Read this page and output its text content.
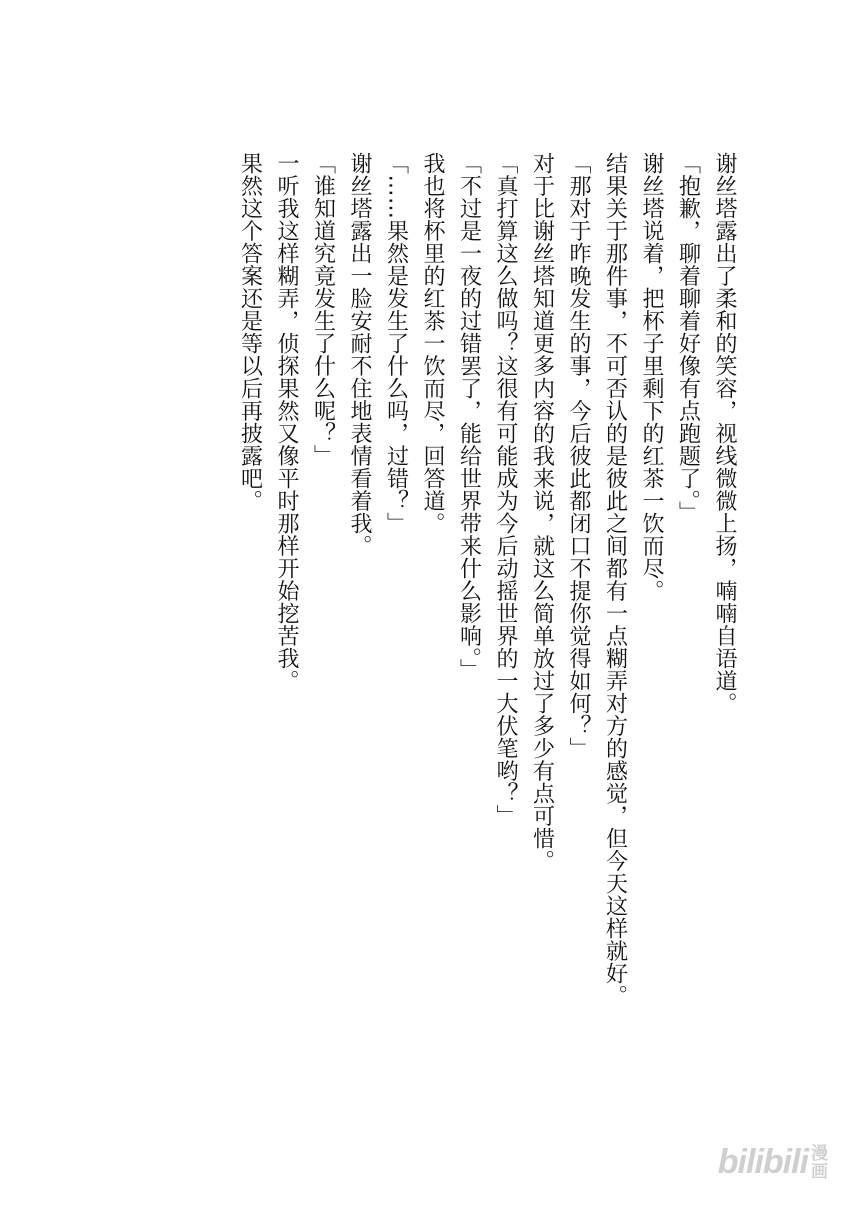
谢丝塔露出了柔和的笑容，视线微微上扬，喃喃自语道。

「抱歉，聊着聊着好像有点跑题了。」

谢丝塔说着，把杯子里剩下的红茶一饮而尽。

结果关于那件事，不可否认的是彼此之间都有一点糊弄对方的感觉，但今天这样就好。

「那对于昨晚发生的事，今后彼此都闭口不提你觉得如何？」

对于比谢丝塔知道更多内容的我来说，就这么简单放过了多少有点可惜。

「真打算这么做吗？这很有可能成为今后动摇世界的一大伏笔哟？」

「不过是一夜的过错罢了，能给世界带来什么影响。」

我也将杯里的红茶一饮而尽，回答道。

「……果然是发生了什么吗，过错？」

谢丝塔露出一脸安耐不住地表情看着我。

「谁知道究竟发生了什么呢？」

一听我这样糊弄，侦探果然又像平时那样开始挖苦我。

果然这个答案还是等以后再披露吧。

bilibili 漫
画
